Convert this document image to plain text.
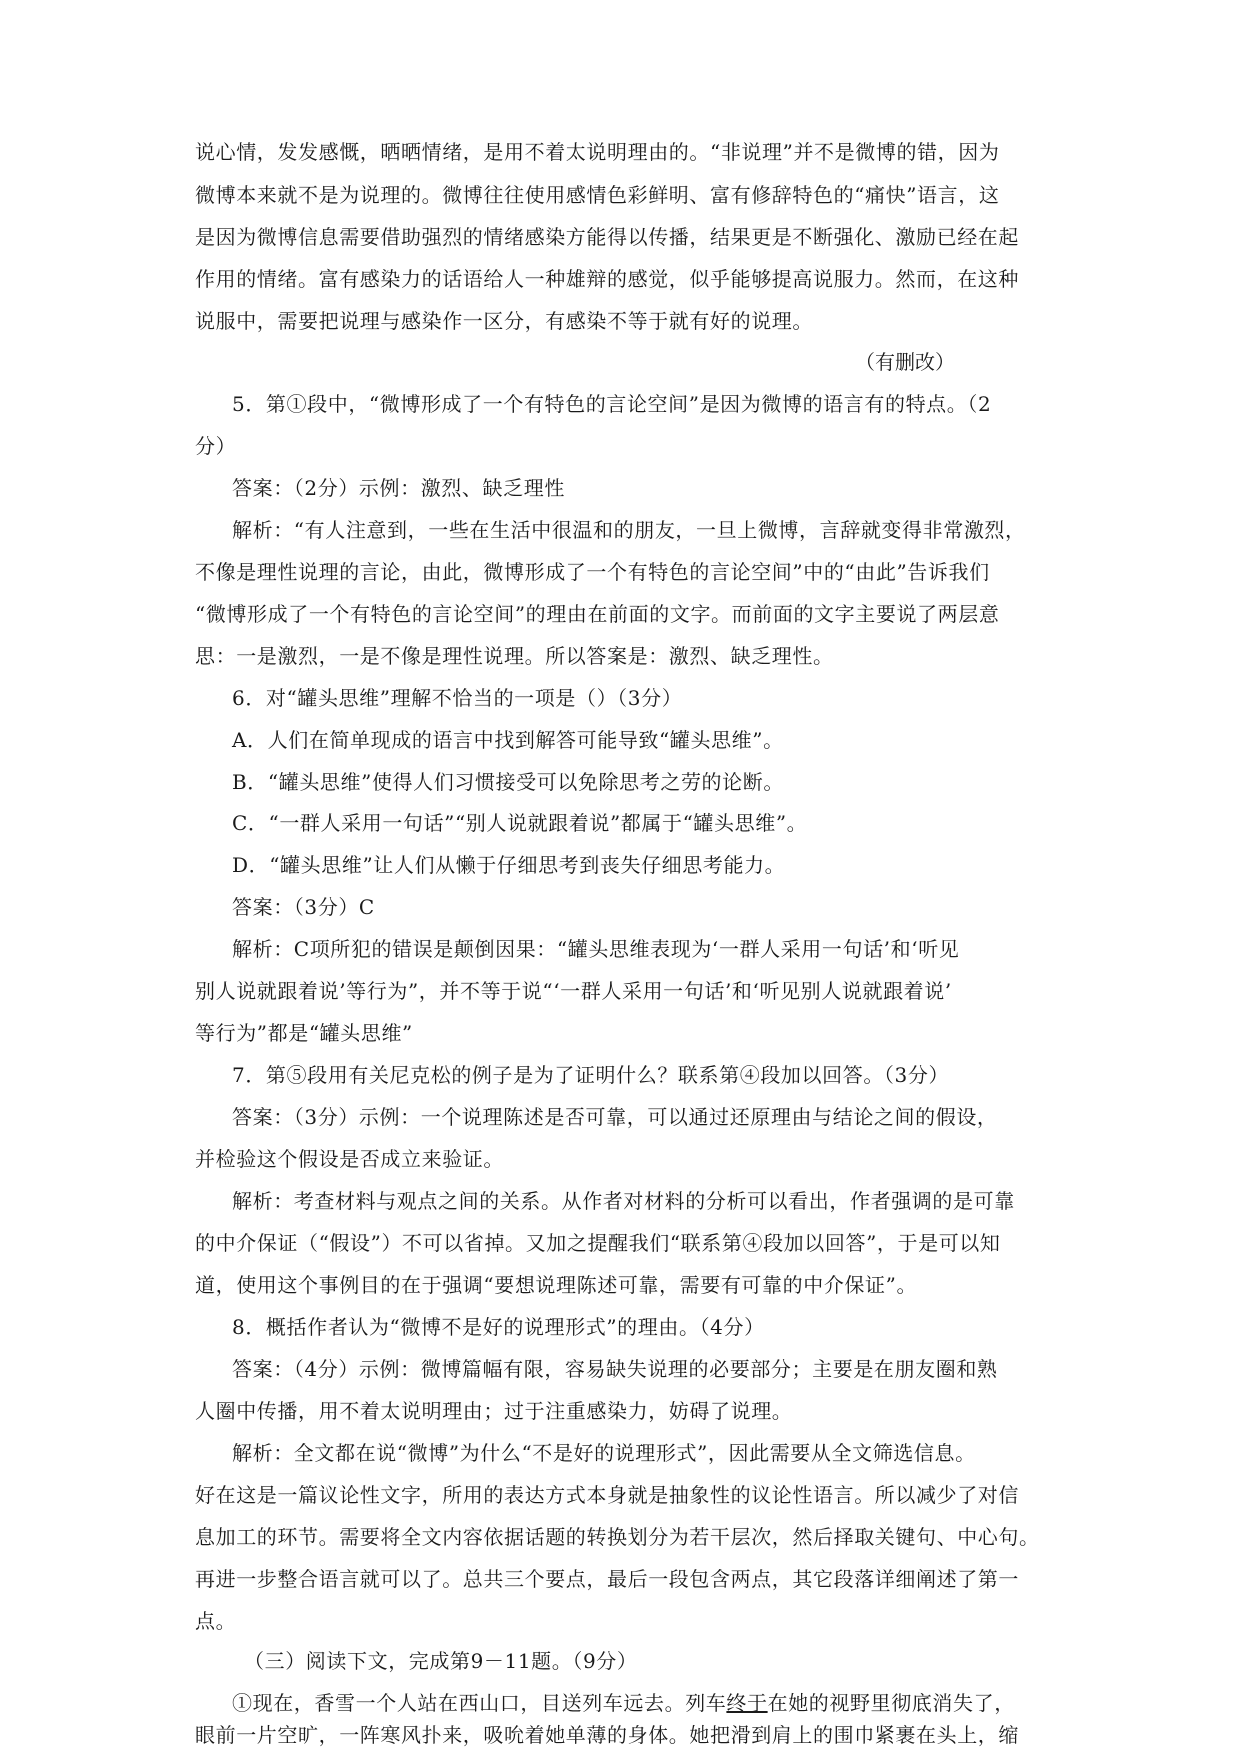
说心情，发发感慨，晒晒情绪，是用不着太说明理由的。“非说理”并不是微博的错，因为
微博本来就不是为说理的。微博往往使用感情色彩鲜明、富有修辞特色的“痛快”语言，这
是因为微博信息需要借助强烈的情绪感染方能得以传播，结果更是不断强化、激励已经在起
作用的情绪。富有感染力的话语给人一种雄辩的感觉，似乎能够提高说服力。然而，在这种
说服中，需要把说理与感染作一区分，有感染不等于就有好的说理。
（有删改）
5．第①段中，“微博形成了一个有特色的言论空间”是因为微博的语言有的特点。（2
分）
答案：（2分）示例：激烈、缺乏理性
解析：“有人注意到，一些在生活中很温和的朋友，一旦上微博，言辞就变得非常激烈，
不像是理性说理的言论，由此，微博形成了一个有特色的言论空间”中的“由此”告诉我们
“微博形成了一个有特色的言论空间”的理由在前面的文字。而前面的文字主要说了两层意
思：一是激烈，一是不像是理性说理。所以答案是：激烈、缺乏理性。
6．对“罐头思维”理解不恰当的一项是（）（3分）
A．人们在简单现成的语言中找到解答可能导致“罐头思维”。
B．“罐头思维”使得人们习惯接受可以免除思考之劳的论断。
C．“一群人采用一句话”“别人说就跟着说”都属于“罐头思维”。
D．“罐头思维”让人们从懒于仔细思考到丧失仔细思考能力。
答案：（3分）C
解析：C项所犯的错误是颠倒因果：“罐头思维表现为‘一群人采用一句话’和‘听见
别人说就跟着说’等行为”，并不等于说“‘一群人采用一句话’和‘听见别人说就跟着说’
等行为”都是“罐头思维”
7．第⑤段用有关尼克松的例子是为了证明什么？联系第④段加以回答。（3分）
答案：（3分）示例：一个说理陈述是否可靠，可以通过还原理由与结论之间的假设，
并检验这个假设是否成立来验证。
解析：考查材料与观点之间的关系。从作者对材料的分析可以看出，作者强调的是可靠
的中介保证（“假设”）不可以省掉。又加之提醒我们“联系第④段加以回答”，于是可以知
道，使用这个事例目的在于强调“要想说理陈述可靠，需要有可靠的中介保证”。
8．概括作者认为“微博不是好的说理形式”的理由。（4分）
答案：（4分）示例：微博篇幅有限，容易缺失说理的必要部分；主要是在朋友圈和熟
人圈中传播，用不着太说明理由；过于注重感染力，妨碍了说理。
解析：全文都在说“微博”为什么“不是好的说理形式”，因此需要从全文筛选信息。
好在这是一篇议论性文字，所用的表达方式本身就是抽象性的议论性语言。所以减少了对信
息加工的环节。需要将全文内容依据话题的转换划分为若干层次，然后择取关键句、中心句。
再进一步整合语言就可以了。总共三个要点，最后一段包含两点，其它段落详细阐述了第一
点。
（三）阅读下文，完成第9－11题。（9分）
①现在，香雪一个人站在西山口，目送列车远去。列车终于在她的视野里彻底消失了，
眼前一片空旷，一阵寒风扑来，吸吮着她单薄的身体。她把滑到肩上的围巾紧裹在头上，缩
